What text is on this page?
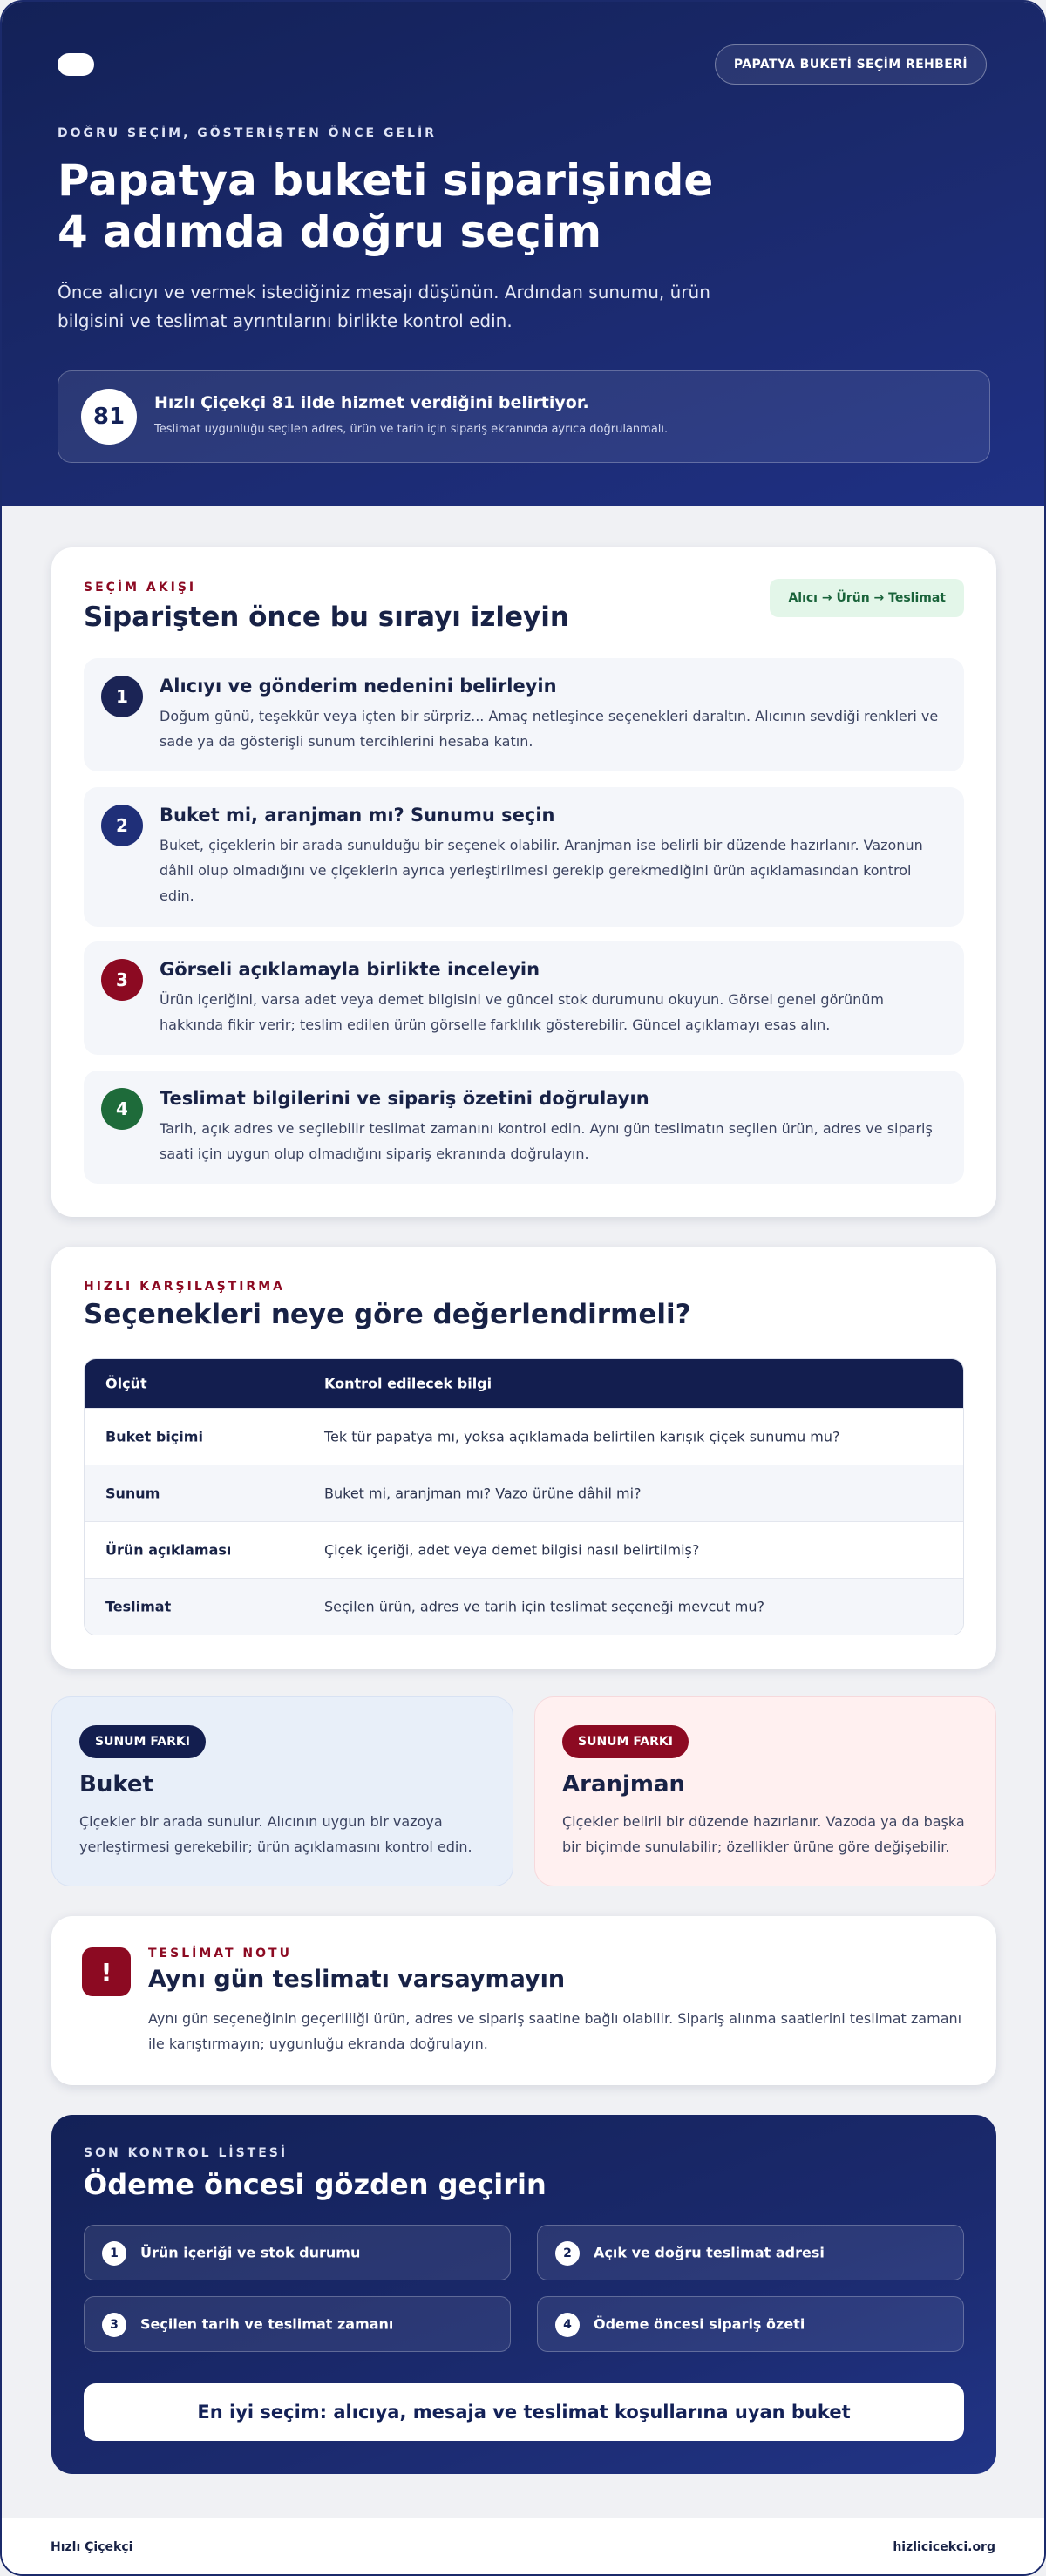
PAPATYA BUKETİ SEÇİM REHBERİ
DOĞRU SEÇİM, GÖSTERİŞTEN ÖNCE GELİR
Papatya buketi siparişinde
4 adımda doğru seçim

Önce alıcıyı ve vermek istediğiniz mesajı düşünün. Ardından sunumu, ürün bilgisini ve teslimat ayrıntılarını birlikte kontrol edin.

81
Hızlı Çiçekçi 81 ilde hizmet verdiğini belirtiyor.
Teslimat uygunluğu seçilen adres, ürün ve tarih için sipariş ekranında ayrıca doğrulanmalı.
SEÇİM AKIŞI
Siparişten önce bu sırayı izleyin
Alıcı → Ürün → Teslimat
1	Alıcıyı ve gönderim nedenini belirleyin
Doğum günü, teşekkür veya içten bir sürpriz... Amaç netleşince seçenekleri daraltın. Alıcının sevdiği renkleri ve sade ya da gösterişli sunum tercihlerini hesaba katın.
2	Buket mi, aranjman mı? Sunumu seçin
Buket, çiçeklerin bir arada sunulduğu bir seçenek olabilir. Aranjman ise belirli bir düzende hazırlanır. Vazonun dâhil olup olmadığını ve çiçeklerin ayrıca yerleştirilmesi gerekip gerekmediğini ürün açıklamasından kontrol edin.
3	Görseli açıklamayla birlikte inceleyin
Ürün içeriğini, varsa adet veya demet bilgisini ve güncel stok durumunu okuyun. Görsel genel görünüm hakkında fikir verir; teslim edilen ürün görselle farklılık gösterebilir. Güncel açıklamayı esas alın.
4	Teslimat bilgilerini ve sipariş özetini doğrulayın
Tarih, açık adres ve seçilebilir teslimat zamanını kontrol edin. Aynı gün teslimatın seçilen ürün, adres ve sipariş saati için uygun olup olmadığını sipariş ekranında doğrulayın.
HIZLI KARŞILAŞTIRMA
Seçenekleri neye göre değerlendirmeli?
Ölçüt	Kontrol edilecek bilgi
Buket biçimi	Tek tür papatya mı, yoksa açıklamada belirtilen karışık çiçek sunumu mu?
Sunum	Buket mi, aranjman mı? Vazo ürüne dâhil mi?
Ürün açıklaması	Çiçek içeriği, adet veya demet bilgisi nasıl belirtilmiş?
Teslimat	Seçilen ürün, adres ve tarih için teslimat seçeneği mevcut mu?
SUNUM FARKI
Buket

Çiçekler bir arada sunulur. Alıcının uygun bir vazoya yerleştirmesi gerekebilir; ürün açıklamasını kontrol edin.

SUNUM FARKI
Aranjman

Çiçekler belirli bir düzende hazırlanır. Vazoda ya da başka bir biçimde sunulabilir; özellikler ürüne göre değişebilir.

!
TESLİMAT NOTU
Aynı gün teslimatı varsaymayın

Aynı gün seçeneğinin geçerliliği ürün, adres ve sipariş saatine bağlı olabilir. Sipariş alınma saatlerini teslimat zamanı ile karıştırmayın; uygunluğu ekranda doğrulayın.

SON KONTROL LİSTESİ
Ödeme öncesi gözden geçirin
1	Ürün içeriği ve stok durumu	2	Açık ve doğru teslimat adresi
3	Seçilen tarih ve teslimat zamanı	4	Ödeme öncesi sipariş özeti
En iyi seçim: alıcıya, mesaja ve teslimat koşullarına uyan buket
Hızlı Çiçekçi	hizlicicekci.org
